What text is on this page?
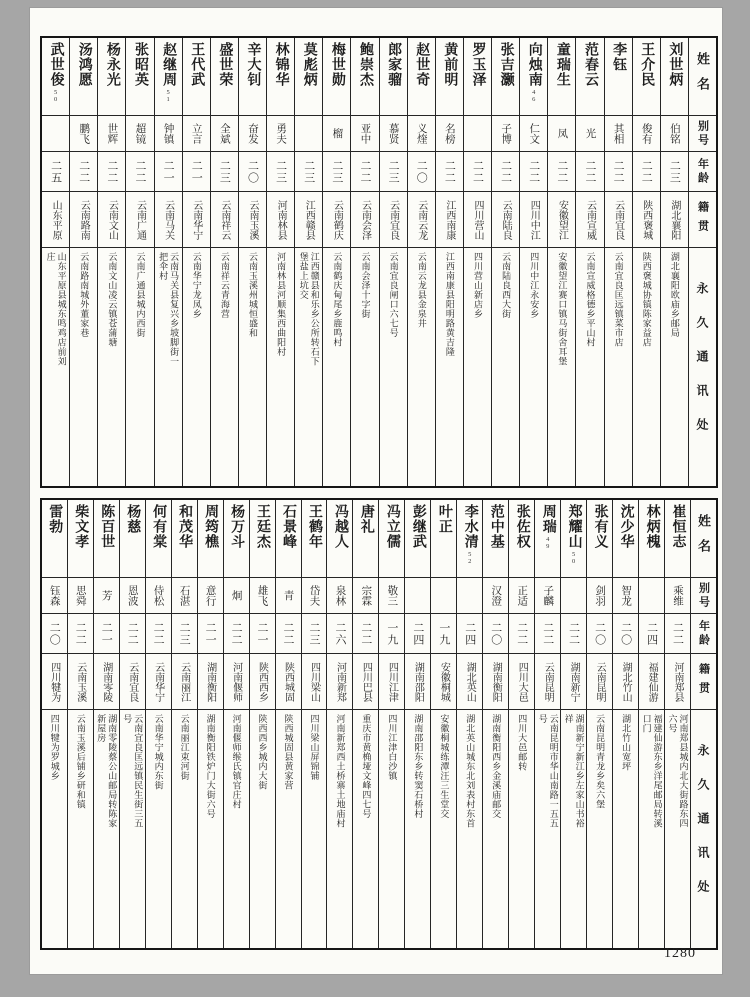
姓名
别号
年龄
籍贯
永久通讯处
刘世炳
伯铭
二三
湖北襄阳
湖北襄阳欧庙乡邮局
王介民
俊有
二二
陕西褒城
陕西褒城协镇陈家益店
李钰
其相
二二
云南宜良
云南宜良匡远镇菜市店
范春云
光
二二
云南宣威
云南宣威格德乡平山村
童瑞生
凤
二二
安徽望江
安徽望江赛口镇马街舍耳堡
向烛南
46
仁文
二二
四川中江
四川中江永安乡
张吉灏
子博
二二
云南陆良
云南陆良西大街
罗玉泽
二二
四川营山
四川营山新店乡
黄前明
名榜
二二
江西南康
江西南康县阳明路黄吉隆
赵世奇
义煃
二〇
云南云龙
云南云龙县金泉井
郎家骝
慕贤
二三
云南宜良
云南宜良闸口六七号
鲍崇杰
亚中
二二
云南会泽
云南会泽十字街
梅世勋
榴
二三
云南鹤庆
云南鹤庆甸尾乡鹿鸣村
莫彪炳
二三
江西赣县
江西赣县和乐乡公所转石下堡盐上坑交
林锦华
勇夫
二三
河南林县
河南林县河顺集西曲阳村
辛大钊
奋发
二〇
云南玉溪
云南玉溪州城恒盛和
盛世荣
全斌
二三
云南祥云
云南祥云青海营
王代武
立言
二一
云南华宁
云南华宁龙凤乡
赵继周
51
钟镇
二一
云南马关
云南马关县复兴乡坡脚街一把伞村
张昭英
超镜
二二
云南广通
云南广通县城内西街
杨永光
世辉
二二
云南文山
云南文山凌云镇苍蒲塘
汤鸿愿
鹏飞
二二
云南路南
云南路南城外董家巷
武世俊
50
二五
山东平原
山东平原县城东鸣鸡店前刘庄
姓名
别号
年龄
籍贯
永久通讯处
崔恒志
乘维
二二
河南郑县
河南郑县城内北大街路东四六号
林炳槐
二四
福建仙游
福建仙游东乡洋尾邮局转溪口门
沈少华
智龙
二〇
湖北竹山
湖北竹山宽坪
张有义
剑羽
二〇
云南昆明
云南昆明青龙乡矣六堡
郑耀山
50
二二
湖南新宁
湖南新宁新江乡左家山书裕祥
周瑞
49
子麟
二二
云南昆明
云南昆明市华山南路一五五号
张佐权
正适
二二
四川大邑
四川大邑邮转
范中基
汉澄
二〇
湖南衡阳
湖南衡阳西乡金溪庙邮交
李水清
52
二四
湖北英山
湖北英山城东北刘表村东首
叶正
一九
安徽桐城
安徽桐城练潭汪三生堂交
彭继武
二四
湖南邵阳
湖南邵阳东乡转窦石桥村
冯立儒
敬三
一九
四川江津
四川江津白沙镇
唐礼
宗霖
二二
四川巴县
重庆市黄桷垭文峰四七号
冯越人
泉林
二六
河南新郑
河南新郑西土桥寨土地庙村
王鹤年
岱夫
二三
四川梁山
四川梁山屏锦铺
石景峰
青
二二
陕西城固
陕西城固县黄家营
王廷杰
雄飞
二一
陕西西乡
陕西西乡城内大街
杨万斗
炯
二二
河南偃师
河南偃师缑氏镇官庄村
周筠樵
意行
二一
湖南衡阳
湖南衡阳铁炉门大街六号
和茂华
石湛
二三
云南丽江
云南丽江束河街
何有棠
侍松
二二
云南华宁
云南华宁城内东街
杨慈
恩波
二二
云南宜良
云南宜良匡远镇民生街三五号
陈百世
芳
二一
湖南零陵
湖南零陵蔡公山邮局转陈家新屋房
柴文孝
思舜
二二
云南玉溪
云南玉溪后铺乡研和镇
雷勃
钰森
二〇
四川犍为
四川犍为罗城乡
1280
